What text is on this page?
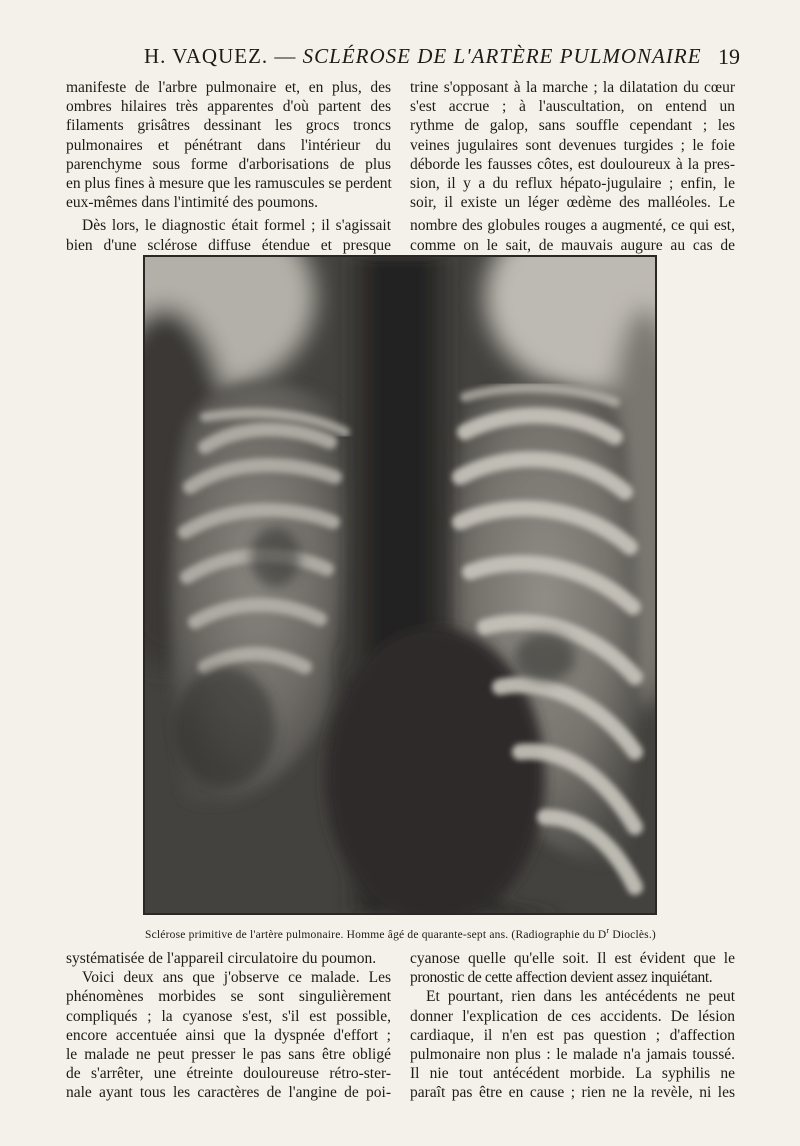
H. VAQUEZ. — SCLÉROSE DE L'ARTÈRE PULMONAIRE 19
manifeste de l'arbre pulmonaire et, en plus, des
ombres hilaires très apparentes d'où partent des
filaments grisâtres dessinant les grocs troncs
pulmonaires et pénétrant dans l'intérieur du
parenchyme sous forme d'arborisations de plus
en plus fines à mesure que les ramuscules se perdent
eux-mêmes dans l'intimité des poumons.
Dès lors, le diagnostic était formel ; il s'agissait
bien d'une sclérose diffuse étendue et presque
trine s'opposant à la marche ; la dilatation du cœur
s'est accrue ; à l'auscultation, on entend un
rythme de galop, sans souffle cependant ; les
veines jugulaires sont devenues turgides ; le foie
déborde les fausses côtes, est douloureux à la pres-
sion, il y a du reflux hépato-jugulaire ; enfin, le
soir, il existe un léger œdème des malléoles. Le
nombre des globules rouges a augmenté, ce qui est,
comme on le sait, de mauvais augure au cas de
Sclérose primitive de l'artère pulmonaire. Homme âgé de quarante-sept ans. (Radiographie du $D^r$ Dioclès.)
systématisée de l'appareil circulatoire du poumon.
Voici deux ans que j'observe ce malade. Les
phénomènes morbides se sont singulièrement
compliqués ; la cyanose s'est, s'il est possible,
encore accentuée ainsi que la dyspnée d'effort ;
le malade ne peut presser le pas sans être obligé
de s'arrêter, une étreinte douloureuse rétro-ster-
nale ayant tous les caractères de l'angine de poi-
cyanose quelle qu'elle soit. Il est évident que le
pronostic de cette affection devient assez inquiétant.
Et pourtant, rien dans les antécédents ne peut
donner l'explication de ces accidents. De lésion
cardiaque, il n'en est pas question ; d'affection
pulmonaire non plus : le malade n'a jamais toussé.
Il nie tout antécédent morbide. La syphilis ne
paraît pas être en cause ; rien ne la revèle, ni les
